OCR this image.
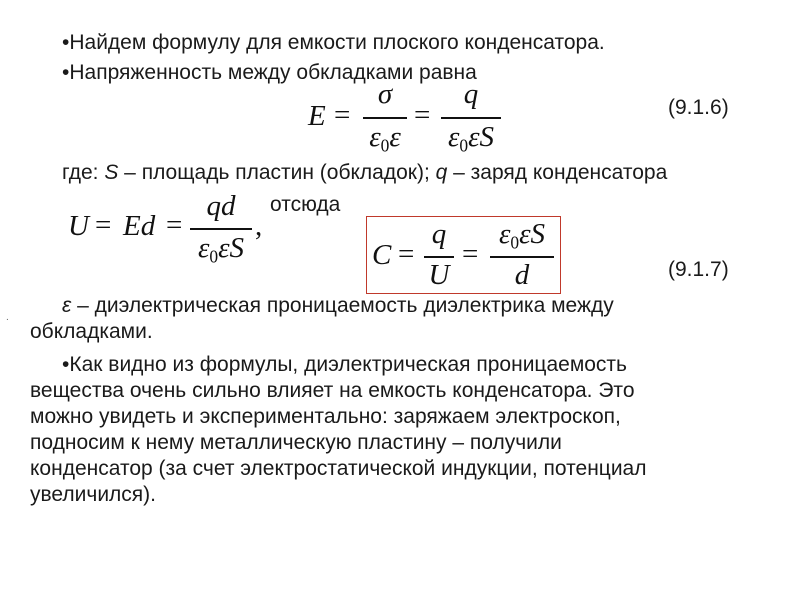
•Найдем формулу для емкости плоского конденсатора.
•Напряженность между обкладками равна
E =
σ
$\varepsilon_0\varepsilon$
=
q
$\varepsilon_0\varepsilon S$
(9.1.6)
где: S – площадь пластин (обкладок); q – заряд конденсатора
U = Ed =
qd
$\varepsilon_0\varepsilon S$
,
отсюда
C =
q
U
=
$\varepsilon_0\varepsilon S$
d	(9.1.7)
ε – диэлектрическая проницаемость диэлектрика между
обкладками.
.
•Как видно из формулы, диэлектрическая проницаемость
вещества очень сильно влияет на емкость конденсатора. Это
можно увидеть и экспериментально: заряжаем электроскоп,
подносим к нему металлическую пластину – получили
конденсатор (за счет электростатической индукции, потенциал
увеличился).
